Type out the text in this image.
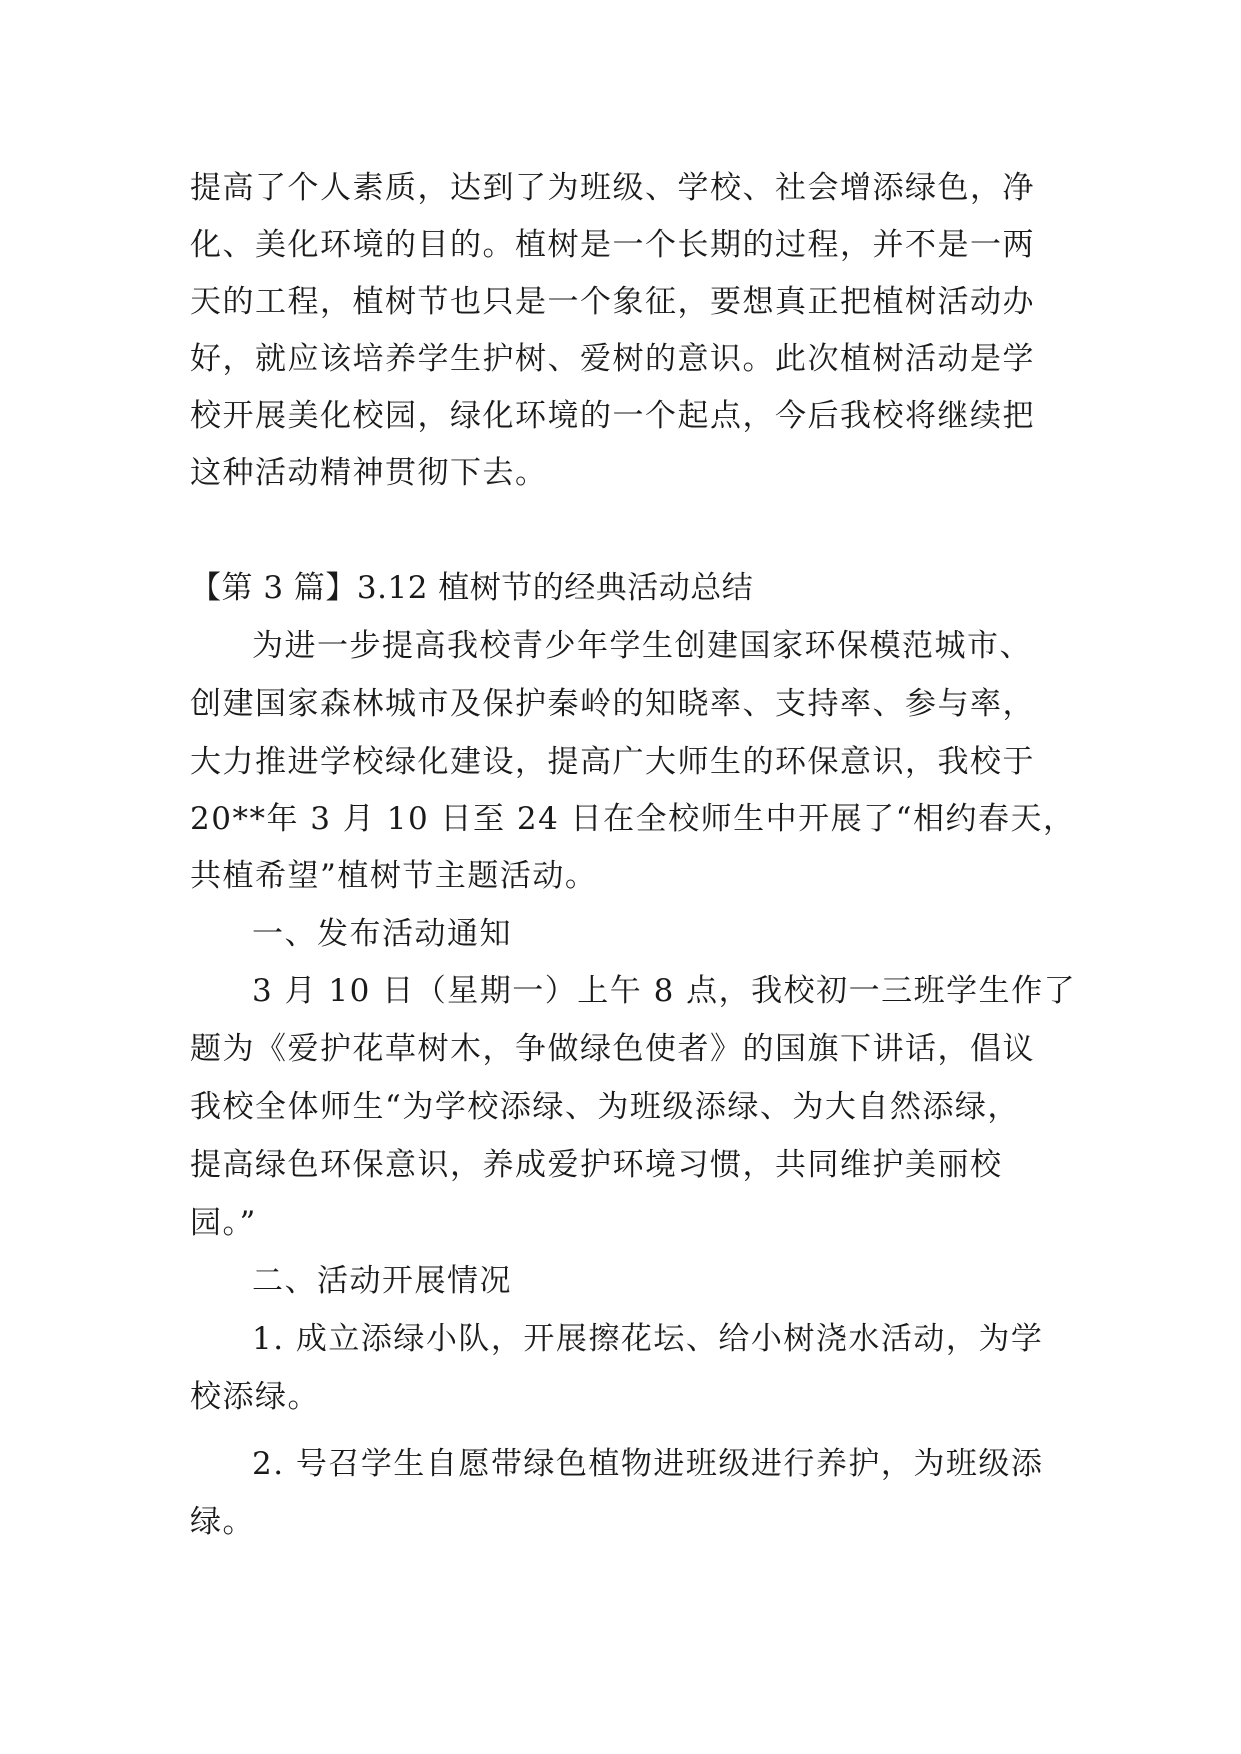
提高了个人素质，达到了为班级、学校、社会增添绿色，净
化、美化环境的目的。植树是一个长期的过程，并不是一两
天的工程，植树节也只是一个象征，要想真正把植树活动办
好，就应该培养学生护树、爱树的意识。此次植树活动是学
校开展美化校园，绿化环境的一个起点，今后我校将继续把
这种活动精神贯彻下去。
【第 3 篇】3.12 植树节的经典活动总结
为进一步提高我校青少年学生创建国家环保模范城市、
创建国家森林城市及保护秦岭的知晓率、支持率、参与率，
大力推进学校绿化建设，提高广大师生的环保意识，我校于
20**年 3 月 10 日至 24 日在全校师生中开展了“相约春天，
共植希望”植树节主题活动。
一、发布活动通知
3 月 10 日（星期一）上午 8 点，我校初一三班学生作了
题为《爱护花草树木，争做绿色使者》的国旗下讲话，倡议
我校全体师生“为学校添绿、为班级添绿、为大自然添绿，
提高绿色环保意识，养成爱护环境习惯，共同维护美丽校
园。”
二、活动开展情况
1. 成立添绿小队，开展擦花坛、给小树浇水活动，为学
校添绿。
2. 号召学生自愿带绿色植物进班级进行养护，为班级添
绿。
